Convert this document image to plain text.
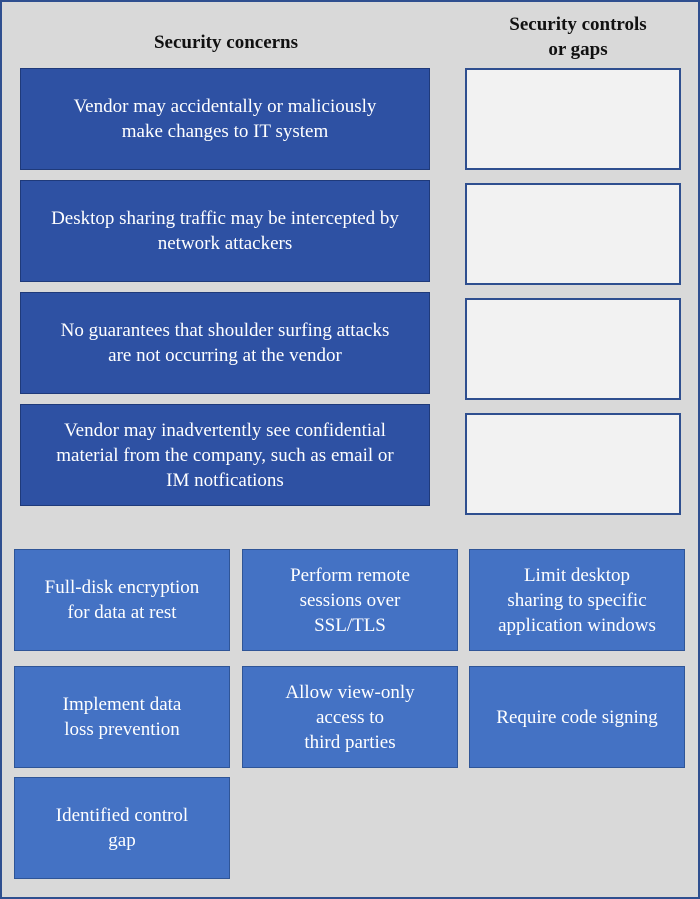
Security concerns
Security controls
or gaps
Vendor may accidentally or maliciously
make changes to IT system
Desktop sharing traffic may be intercepted by
network attackers
No guarantees that shoulder surfing attacks
are not occurring at the vendor
Vendor may inadvertently see confidential
material from the company, such as email or
IM notfications
Full-disk encryption
for data at rest
Perform remote
sessions over
SSL/TLS
Limit desktop
sharing to specific
application windows
Implement data
loss prevention
Allow view-only
access to
third parties
Require code signing
Identified control
gap
